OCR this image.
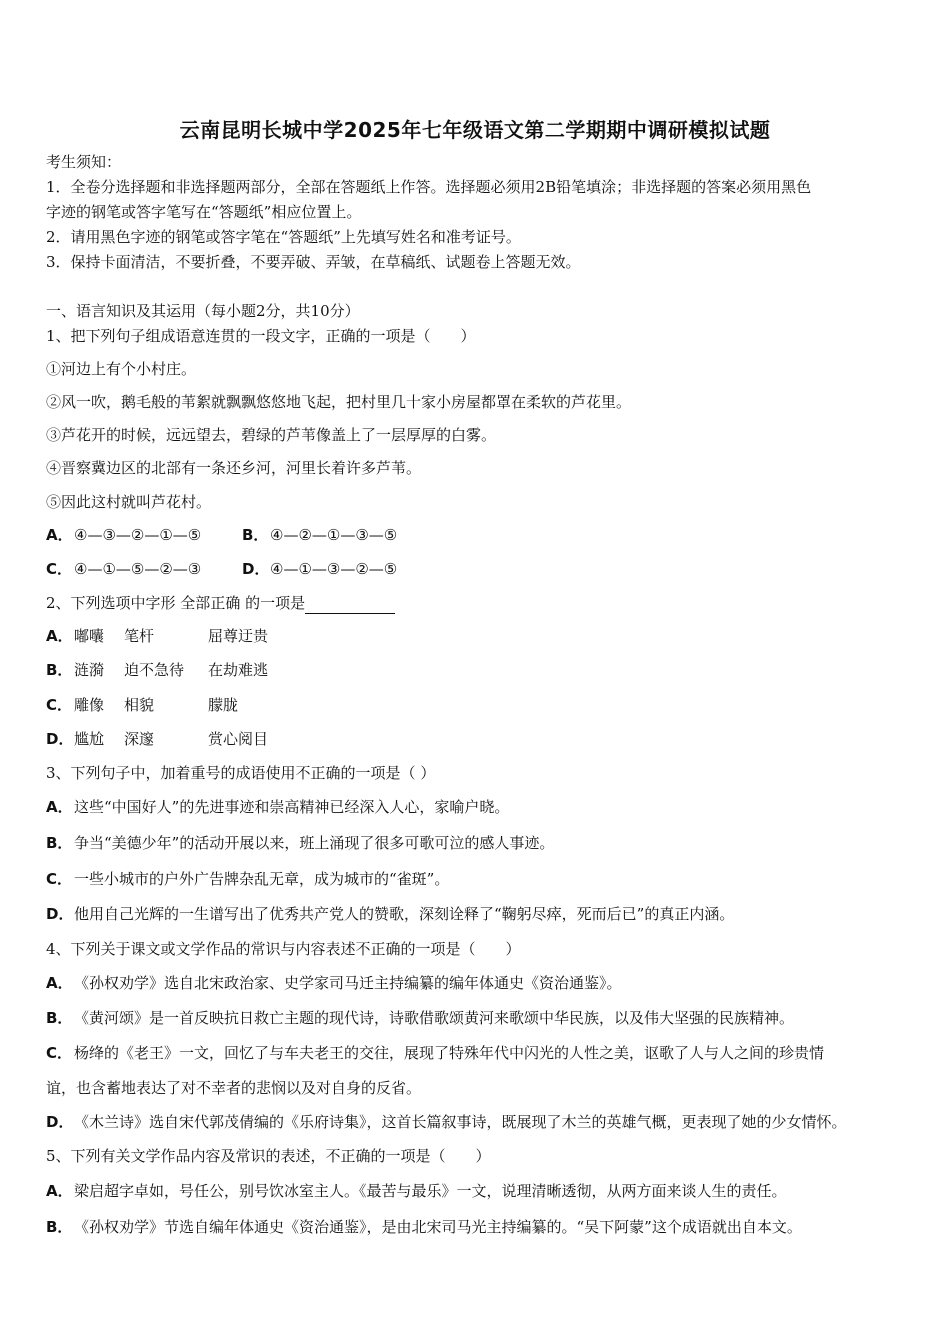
云南昆明长城中学2025年七年级语文第二学期期中调研模拟试题
考生须知：
1．全卷分选择题和非选择题两部分，全部在答题纸上作答。选择题必须用2B铅笔填涂；非选择题的答案必须用黑色
字迹的钢笔或答字笔写在“答题纸”相应位置上。
2．请用黑色字迹的钢笔或答字笔在“答题纸”上先填写姓名和准考证号。
3．保持卡面清洁，不要折叠，不要弄破、弄皱，在草稿纸、试题卷上答题无效。
一、语言知识及其运用（每小题2分，共10分）
1、把下列句子组成语意连贯的一段文字，正确的一项是（　　）
①河边上有个小村庄。
②风一吹，鹅毛般的苇絮就飘飘悠悠地飞起，把村里几十家小房屋都罩在柔软的芦花里。
③芦花开的时候，远远望去，碧绿的芦苇像盖上了一层厚厚的白雾。
④晋察冀边区的北部有一条还乡河，河里长着许多芦苇。
⑤因此这村就叫芦花村。
A． ④—③—②—①—⑤	B． ④—②—①—③—⑤
C． ④—①—⑤—②—③	D． ④—①—③—②—⑤
2、下列选项中字形 全部正确 的一项是
A． 嘟囔 笔杆	屈尊迂贵
B． 涟漪 迫不急待 在劫难逃
C． 雕像 相貌	朦胧
D． 尴尬 深邃	赏心阅目
3、下列句子中，加着重号的成语使用不正确的一项是（ ）
A． 这些“中国好人”的先进事迹和崇高精神已经深入人心，家喻户晓。
B． 争当“美德少年”的活动开展以来，班上涌现了很多可歌可泣的感人事迹。
C． 一些小城市的户外广告牌杂乱无章，成为城市的“雀斑”。
D． 他用自己光辉的一生谱写出了优秀共产党人的赞歌，深刻诠释了“鞠躬尽瘁，死而后已”的真正内涵。
4、下列关于课文或文学作品的常识与内容表述不正确的一项是（　　）
A． 《孙权劝学》选自北宋政治家、史学家司马迁主持编纂的编年体通史《资治通鉴》。
B． 《黄河颂》是一首反映抗日救亡主题的现代诗，诗歌借歌颂黄河来歌颂中华民族，以及伟大坚强的民族精神。
C． 杨绛的《老王》一文，回忆了与车夫老王的交往，展现了特殊年代中闪光的人性之美，讴歌了人与人之间的珍贵情
谊，也含蓄地表达了对不幸者的悲悯以及对自身的反省。
D． 《木兰诗》选自宋代郭茂倩编的《乐府诗集》，这首长篇叙事诗，既展现了木兰的英雄气概，更表现了她的少女情怀。
5、下列有关文学作品内容及常识的表述，不正确的一项是（　　）
A． 梁启超字卓如，号任公，别号饮冰室主人。《最苦与最乐》一文，说理清晰透彻，从两方面来谈人生的责任。
B． 《孙权劝学》节选自编年体通史《资治通鉴》，是由北宋司马光主持编纂的。“吴下阿蒙”这个成语就出自本文。
